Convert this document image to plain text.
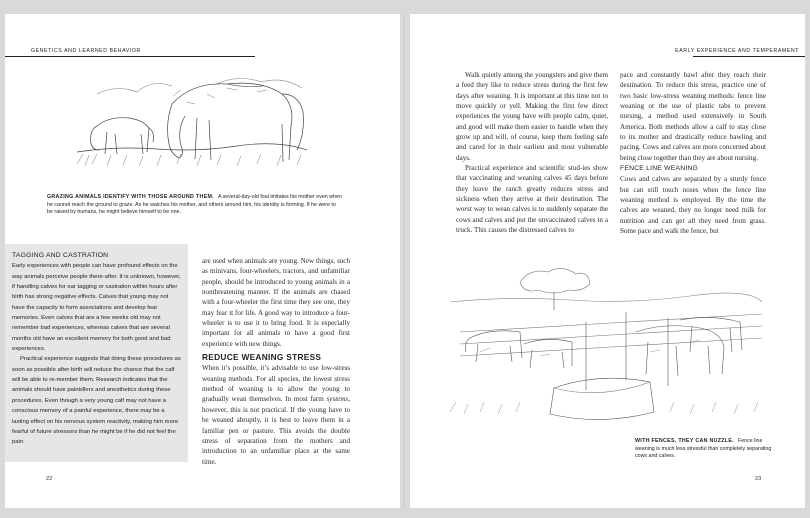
GENETICS AND LEARNED BEHAVIOR
GRAZING ANIMALS IDENTIFY WITH THOSE AROUND THEM. A several-day-old foal imitates his mother even when he cannot reach the ground to graze. As he watches his mother, and others around him, his identity is forming. If he were to be raised by humans, he might believe himself to be one.
TAGGING AND CASTRATION

Early experiences with people can have profound effects on the way animals perceive people there-after. It is unknown, however, if handling calves for ear tagging or castration within hours after birth has strong negative effects. Calves that young may not have the capacity to form associations and develop fear memories. Even calves that are a few weeks old may not remember bad experiences, whereas calves that are several months old have an excellent memory for both good and bad experiences.

Practical experience suggests that doing these procedures as soon as possible after birth will reduce the chance that the calf will be able to re-member them. Research indicates that the animals should have painkillers and anesthetics during these procedures. Even though a very young calf may not have a conscious memory of a painful experience, there may be a lasting effect on his nervous system reactivity, making him more fearful of future stressors than he might be if he did not feel the pain.

are used when animals are young. New things, such as minivans, four-wheelers, tractors, and unfamiliar people, should be introduced to young animals in a nonthreatening manner. If the animals are chased with a four-wheeler the first time they see one, they may fear it for life. A good way to introduce a four-wheeler is to use it to bring food. It is especially important for all animals to have a good first experience with new things.

REDUCE WEANING STRESS

When it’s possible, it’s advisable to use low-stress weaning methods. For all species, the lowest stress method of weaning is to allow the young to gradually wean themselves. In most farm systems, however, this is not practical. If the young have to be weaned abruptly, it is best to leave them in a familiar pen or pasture. This avoids the double stress of separation from the mothers and introduction to an unfamiliar place at the same time.

22
EARLY EXPERIENCE AND TEMPERAMENT

Walk quietly among the youngsters and give them a feed they like to reduce stress during the first few days after weaning. It is important at this time not to move quickly or yell. Making the first few direct experiences the young have with people calm, quiet, and good will make them easier to handle when they grow up and will, of course, keep them feeling safe and cared for in their earliest and most vulnerable days.

Practical experience and scientific stud-ies show that vaccinating and weaning calves 45 days before they leave the ranch greatly reduces stress and sickness when they arrive at their destination. The worst way to wean calves is to suddenly separate the cows and calves and put the unvaccinated calves in a truck. This causes the distressed calves to

pace and constantly bawl after they reach their destination. To reduce this stress, practice one of two basic low-stress weaning methods: fence line weaning or the use of plastic tabs to prevent nursing, a method used extensively in South America. Both methods allow a calf to stay close to its mother and drastically reduce bawling and pacing. Cows and calves are more concerned about being close together than they are about nursing.

FENCE LINE WEANING

Cows and calves are separated by a sturdy fence but can still touch noses when the fence line weaning method is employed. By the time the calves are weaned, they no longer need milk for nutrition and can get all they need from grass. Some pace and walk the fence, but

WITH FENCES, THEY CAN NUZZLE. Fence line weaning is much less stressful than completely separating cows and calves.
23
